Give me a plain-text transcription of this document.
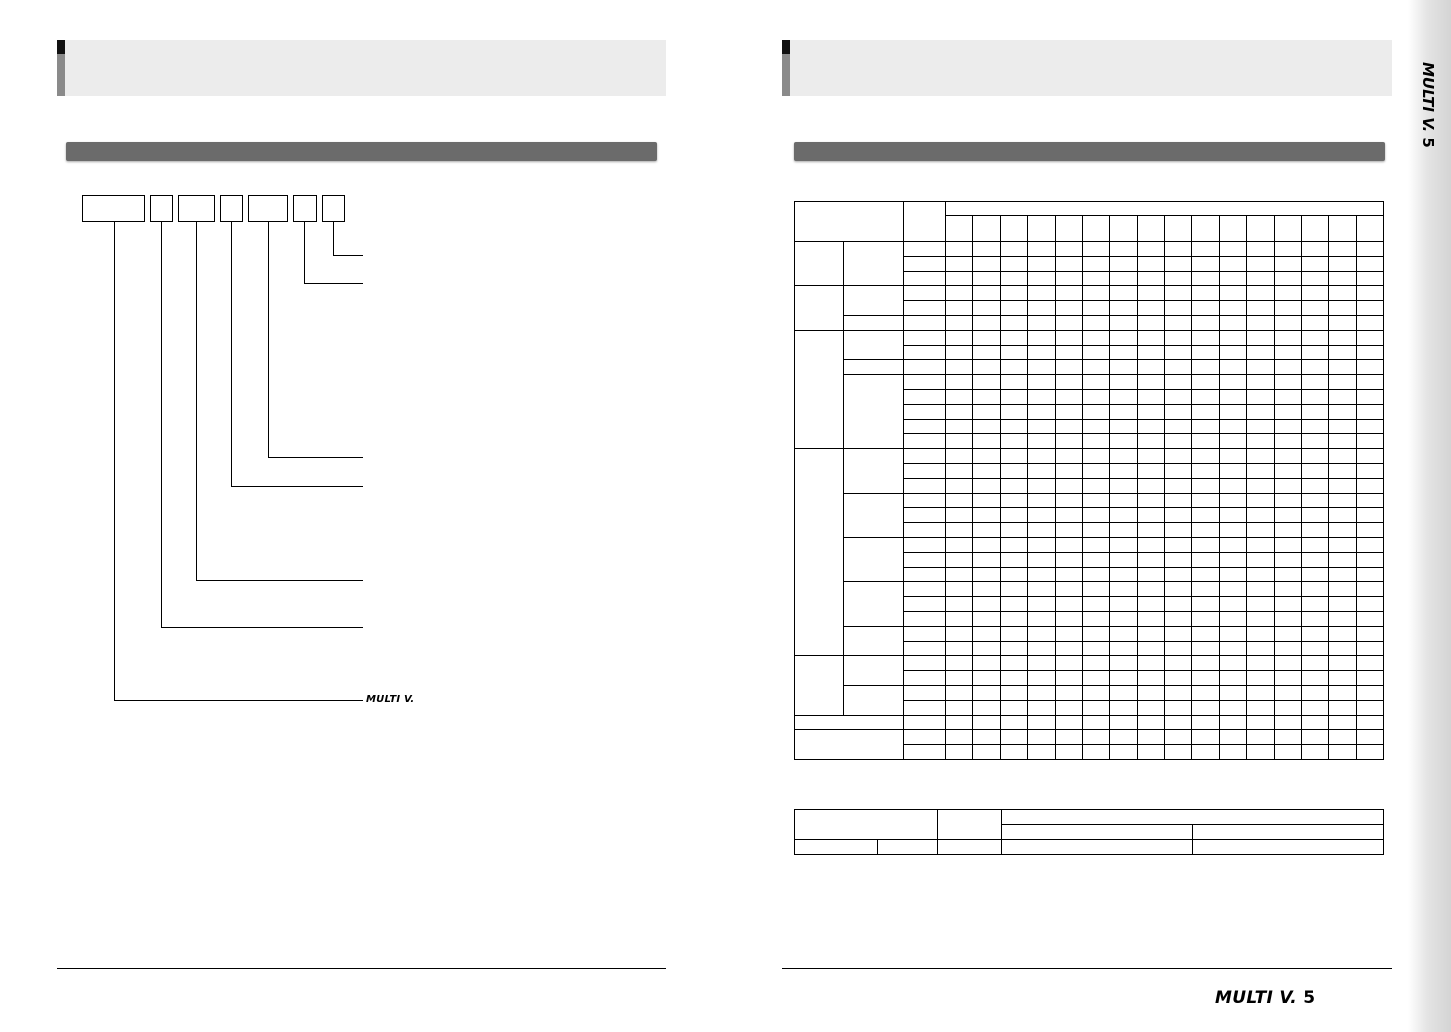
MULTI V.

MULTI V. 5
MULTI V. 5
